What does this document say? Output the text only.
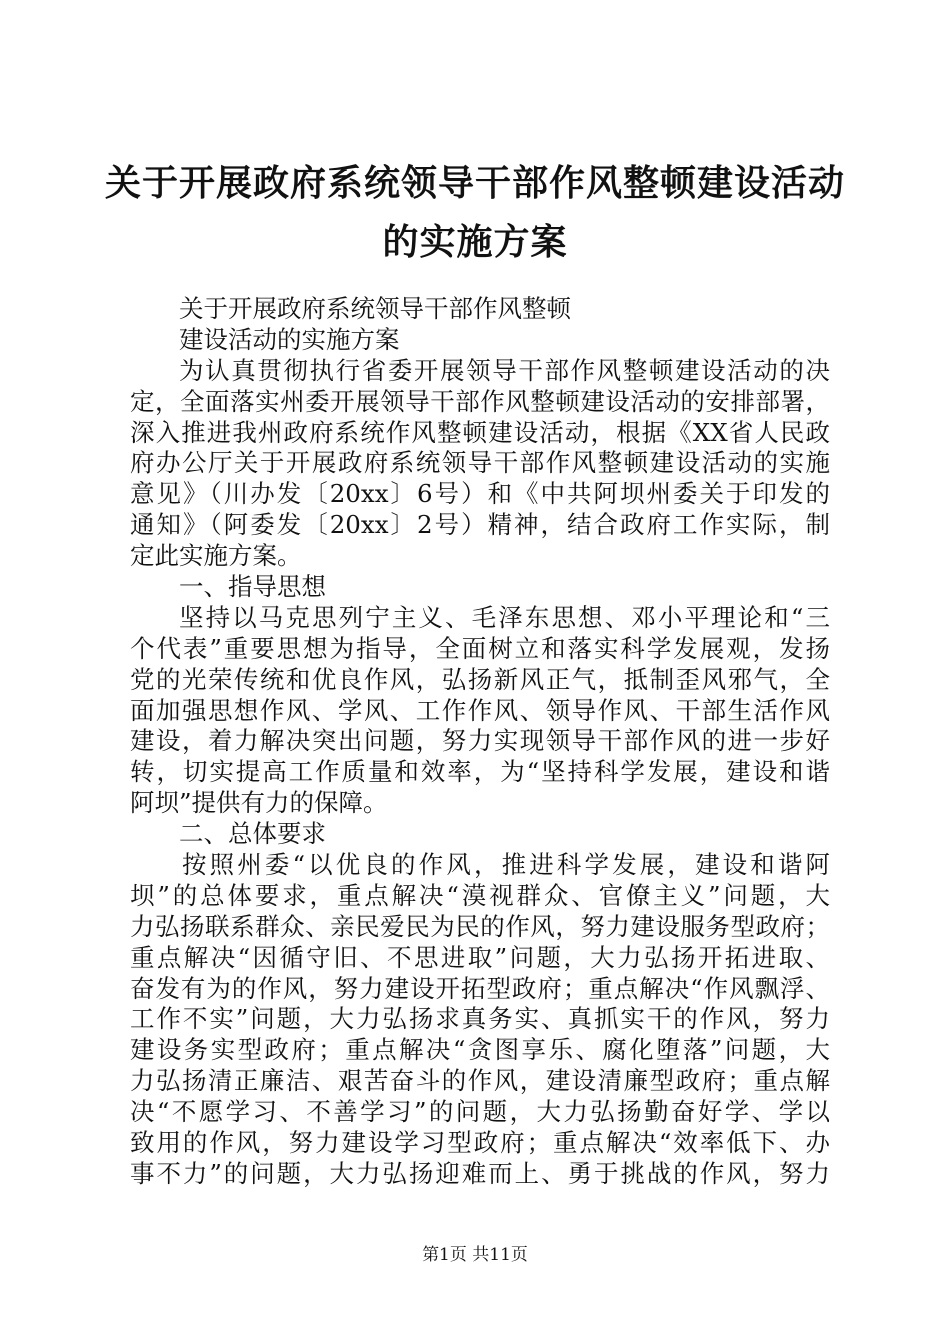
关于开展政府系统领导干部作风整顿建设活动
的实施方案
关于开展政府系统领导干部作风整顿
建设活动的实施方案
为认真贯彻执行省委开展领导干部作风整顿建设活动的决
定，全面落实州委开展领导干部作风整顿建设活动的安排部署，
深入推进我州政府系统作风整顿建设活动，根据《XX省人民政
府办公厅关于开展政府系统领导干部作风整顿建设活动的实施
意见》（川办发〔20xx〕6号）和《中共阿坝州委关于印发的
通知》（阿委发〔20xx〕2号）精神，结合政府工作实际，制
定此实施方案。
一、指导思想
坚持以马克思列宁主义、毛泽东思想、邓小平理论和“三
个代表”重要思想为指导，全面树立和落实科学发展观，发扬
党的光荣传统和优良作风，弘扬新风正气，抵制歪风邪气，全
面加强思想作风、学风、工作作风、领导作风、干部生活作风
建设，着力解决突出问题，努力实现领导干部作风的进一步好
转，切实提高工作质量和效率，为“坚持科学发展，建设和谐
阿坝”提供有力的保障。
二、总体要求
按照州委“以优良的作风，推进科学发展，建设和谐阿
坝”的总体要求，重点解决“漠视群众、官僚主义”问题，大
力弘扬联系群众、亲民爱民为民的作风，努力建设服务型政府；
重点解决“因循守旧、不思进取”问题，大力弘扬开拓进取、
奋发有为的作风，努力建设开拓型政府；重点解决“作风飘浮、
工作不实”问题，大力弘扬求真务实、真抓实干的作风，努力
建设务实型政府；重点解决“贪图享乐、腐化堕落”问题，大
力弘扬清正廉洁、艰苦奋斗的作风，建设清廉型政府；重点解
决“不愿学习、不善学习”的问题，大力弘扬勤奋好学、学以
致用的作风，努力建设学习型政府；重点解决“效率低下、办
事不力”的问题，大力弘扬迎难而上、勇于挑战的作风，努力
第1页 共11页
